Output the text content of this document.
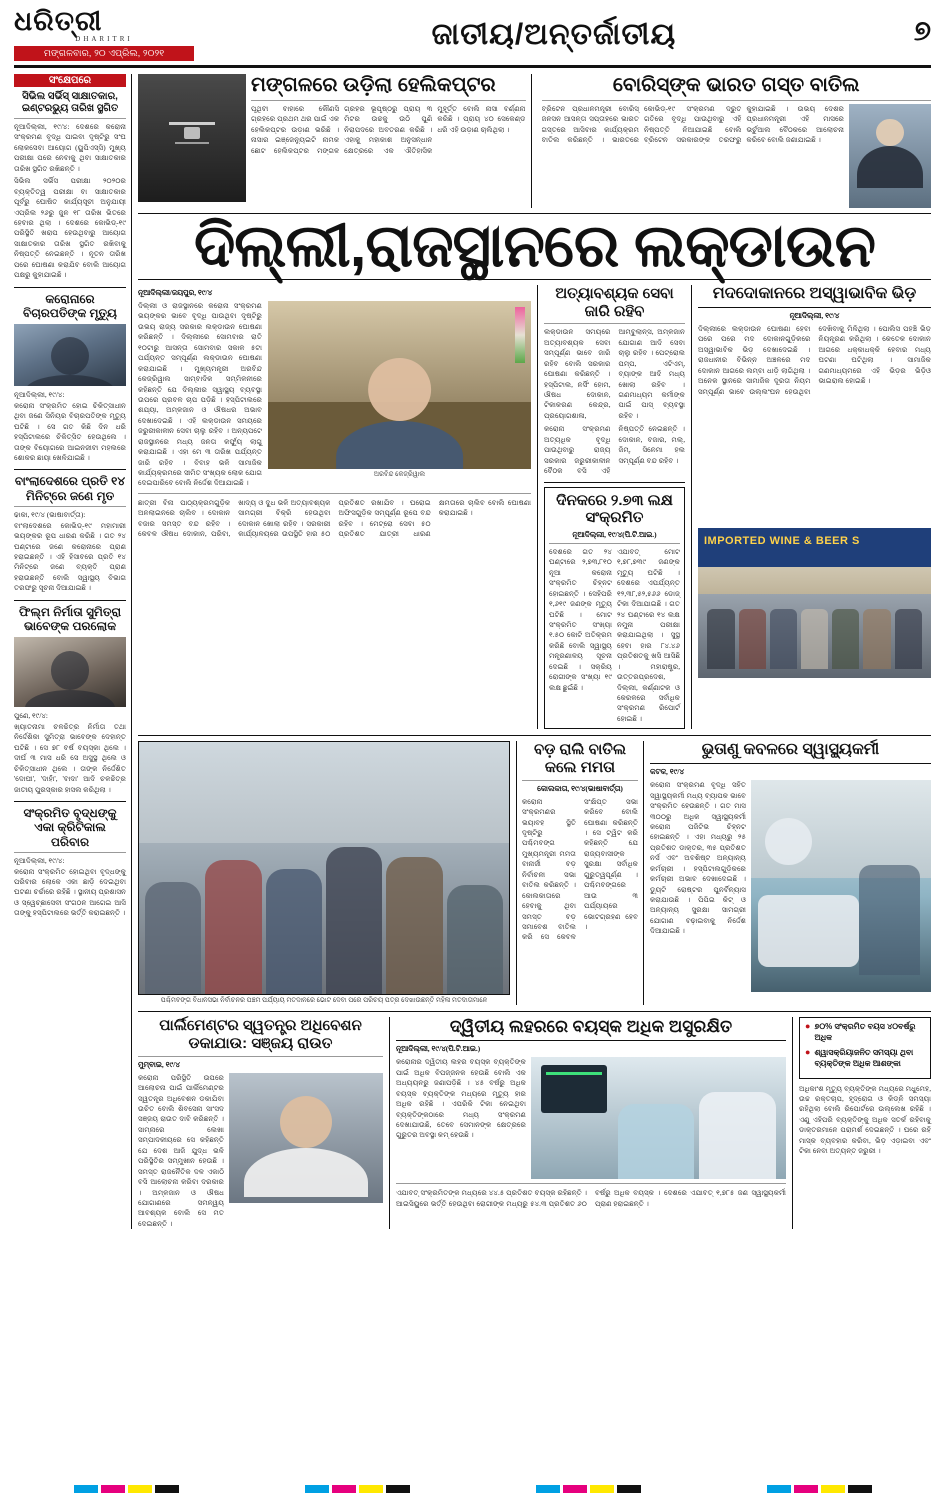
ଧରିତ୍ରୀ
DHARITRI
ମଙ୍ଗଳବାର, ୨୦ ଏପ୍ରିଲ, ୨୦୨୧
ଜାତୀୟ/ଅନ୍ତର୍ଜାତୀୟ	୭
ସଂକ୍ଷେପରେ
ସିଭିଲ ସର୍ଭିସ୍‌ ସାକ୍ଷାତକାର, ଇଣ୍ଟରଭ୍ୟୁ ତାରିଖ ସ୍ଥଗିତ
ନୂଆଦିଲ୍ଲୀ, ୧୯/୪: ଦେଶରେ କରୋନା ସଂକ୍ରମଣ ବୃଦ୍ଧି ପାଇବା ଦୃଷ୍ଟିରୁ ସଂଘ ଲୋକସେବା ଆୟୋଗ (ୟୁପିଏସ୍‌ସି) ମୁଖ୍ୟ ପରୀକ୍ଷା ପରେ ନେବାକୁ ଥିବା ସାକ୍ଷାତକାର ତାରିଖ ସ୍ଥଗିତ ରଖିଛନ୍ତି ।
ସିଭିଲ ସର୍ଭିସ ପରୀକ୍ଷା ୨୦୨୦ର ବ୍ୟକ୍ତିତ୍ୱ ପରୀକ୍ଷା ବା ସାକ୍ଷାତକାର ପୂର୍ବରୁ ଘୋଷିତ କାର୍ଯ୍ୟସୂଚୀ ଅନୁଯାୟୀ ଏପ୍ରିଲ ୨୬ରୁ ଜୁନ ୧୮ ତାରିଖ ଭିତରେ ହେବାର ଥିଲା । ଦେଶରେ କୋଭିଡ୍‌-୧୯ ପରିସ୍ଥିତି ଖରାପ ହେଉଥିବାରୁ ଆୟୋଗ ସାକ୍ଷାତକାର ତାରିଖ ସ୍ଥଗିତ ରଖିବାକୁ ନିଷ୍ପତ୍ତି ନେଇଛନ୍ତି । ନୂତନ ତାରିଖ ପରେ ଘୋଷଣା କରାଯିବ ବୋଲି ଆୟୋଗ ପକ୍ଷରୁ କୁହାଯାଇଛି ।
କରୋନାରେ ବିଚାରପତିଙ୍କ ମୃତ୍ୟୁ
ନୂଆଦିଲ୍ଲୀ, ୧୯/୪:
କରୋନା ସଂକ୍ରମିତ ହୋଇ ଚିକିତ୍ସାଧୀନ ଥିବା ଜଣେ ସିନିୟର ବିଚାରପତିଙ୍କ ମୃତ୍ୟୁ ଘଟିଛି । ସେ ଗତ କିଛି ଦିନ ଧରି ହସ୍ପିଟାଲରେ ଚିକିତ୍ସିତ ହେଉଥିଲେ । ତାଙ୍କ ବିୟୋଗରେ ଆଇନଜୀବୀ ମହଲରେ ଶୋକର ଛାୟା ଖେଳିଯାଇଛି ।
ବାଂଲାଦେଶରେ ପ୍ରତି ୧୪ ମିନିଟ୍‌ରେ ଜଣେ ମୃତ
ଢାକା, ୧୯/୪ (ଭାଷାବାର୍ତ୍ତା):
ବାଂଲାଦେଶରେ କୋଭିଡ୍‌-୧୯ ମହାମାରୀ ଭୟଙ୍କର ରୂପ ଧାରଣ କରିଛି । ଗତ ୨୪ ଘଣ୍ଟାରେ ଜଣେ କରୋନାରେ ପ୍ରାଣ ହରାଇଛନ୍ତି । ଏହି ହିସାବରେ ପ୍ରତି ୧୪ ମିନିଟ୍‌ରେ ଜଣେ ବ୍ୟକ୍ତି ପ୍ରାଣ ହରାଉଛନ୍ତି ବୋଲି ସ୍ୱାସ୍ଥ୍ୟ ବିଭାଗ ତରଫରୁ ସୂଚନା ଦିଆଯାଇଛି ।
ଫିଲ୍ମ ନିର୍ମାତା ସୁମିତ୍ରା ଭାବେଙ୍କ ପରଲୋକ
ପୁଣେ, ୧୯/୪:
ଖ୍ୟାତନାମା ଚଳଚ୍ଚିତ୍ର ନିର୍ମାତା ତଥା ନିର୍ଦ୍ଦେଶିକା ସୁମିତ୍ରା ଭାବେଙ୍କ ଦେହାନ୍ତ ଘଟିଛି । ସେ ୭୮ ବର୍ଷ ବୟସ୍କା ଥିଲେ । ଦୀର୍ଘ ୩ ମାସ ଧରି ସେ ଅସୁସ୍ଥ ଥିଲେ ଓ ଚିକିତ୍ସାଧୀନ ଥିଲେ । ତାଙ୍କ ନିର୍ଦ୍ଦେଶିତ 'ଦୋଘୀ', 'ଦାହାଁ', 'ବାଦା' ଆଦି ଚଳଚ୍ଚିତ୍ର ଜାତୀୟ ପୁରସ୍କାର ହାସଲ କରିଥିଲା ।
ସଂକ୍ରମିତ ବୃଦ୍ଧଙ୍କୁ ଏକା କ୍ରିଟିକାଲ ପରିବାର
ନୂଆଦିଲ୍ଲୀ, ୧୯/୪:
କରୋନା ସଂକ୍ରମିତ ହୋଇଥିବା ବୃଦ୍ଧଙ୍କୁ ପରିବାର ଲୋକେ ଏକା ଛାଡ଼ି ଦେଇଥିବା ଘଟଣା ଚର୍ଚ୍ଚାରେ ରହିଛି । ସ୍ଥାନୀୟ ପ୍ରଶାସନ ଓ ସ୍ୱେଚ୍ଛାସେବୀ ସଂଗଠନ ଆଗେଇ ଆସି ତାଙ୍କୁ ହସ୍ପିଟାଲରେ ଭର୍ତ୍ତି କରାଇଛନ୍ତି ।
ମଙ୍ଗଳରେ ଉଡ଼ିଲା ହେଲିକପ୍ଟର
ପୃଥିବୀ ବାହାରେ କୌଣସି ଗ୍ରହରେ ପ୍ରଥମ ଥର ପାଇଁ ଏକ ହେଲିକପ୍ଟର ଉଡ଼ାଣ ଭରିଛି । ନାସାର ଇଞ୍ଜେନ୍ୟୁଇଟି ନାମକ ଛୋଟ ହେଲିକପ୍ଟର ମଙ୍ଗଳ ଗ୍ରହର ଭୂପୃଷ୍ଠରୁ ପ୍ରାୟ ୩ ମିଟର ଉଚ୍ଚକୁ ଉଠି ପୁଣି ନିରାପଦରେ ଅବତରଣ କରିଛି । ଏହାକୁ ମହାକାଶ ଅନୁସନ୍ଧାନ କ୍ଷେତ୍ରରେ ଏକ ଐତିହାସିକ ମୁହୂର୍ତ୍ତ ବୋଲି ନାସା ବର୍ଣ୍ଣନା କରିଛି । ପ୍ରାୟ ୪୦ ସେକେଣ୍ଡ ଧରି ଏହି ଉଡ଼ାଣ ଚାଲିଥିଲା ।
ବୋରିସ୍‌ଙ୍କ ଭାରତ ଗସ୍ତ ବାତିଲ
ବ୍ରିଟେନ ପ୍ରଧାନମନ୍ତ୍ରୀ ବୋରିସ୍‌ ଜନସନ ଆସନ୍ତା ସପ୍ତାହରେ ଭାରତ ଗସ୍ତରେ ଆସିବାର କାର୍ଯ୍ୟକ୍ରମ ବାତିଲ କରିଛନ୍ତି । ଭାରତରେ କୋଭିଡ୍‌-୧୯ ସଂକ୍ରମଣ ଦ୍ରୁତ ଗତିରେ ବୃଦ୍ଧି ପାଉଥିବାରୁ ଏହି ନିଷ୍ପତ୍ତି ନିଆଯାଇଛି ବୋଲି ବ୍ରିଟେନ ସରକାରଙ୍କ ତରଫରୁ କୁହାଯାଇଛି । ଉଭୟ ଦେଶର ପ୍ରଧାନମନ୍ତ୍ରୀ ଏହି ମାସରେ ଭର୍ଚୁଆଲ ବୈଠକରେ ଆଲୋଚନା କରିବେ ବୋଲି ଜଣାଯାଇଛି ।
ଦିଲ୍ଲୀ,ରାଜସ୍ଥାନରେ ଲକ୍‌ଡାଉନ
ନୂଆଦିଲ୍ଲୀ/ଜୟପୁର, ୧୯/୪
ଦିଲ୍ଲୀ ଓ ରାଜସ୍ଥାନରେ କରୋନା ସଂକ୍ରମଣ ଭୟଙ୍କର ଭାବେ ବୃଦ୍ଧି ପାଉଥିବା ଦୃଷ୍ଟିରୁ ଉଭୟ ରାଜ୍ୟ ସରକାର ଲକ୍‌ଡାଉନ ଘୋଷଣା କରିଛନ୍ତି । ଦିଲ୍ଲୀରେ ସୋମବାର ରାତି ୧୦ଟାରୁ ଆସନ୍ତା ସୋମବାର ସକାଳ ୫ଟା ପର୍ଯ୍ୟନ୍ତ ସମ୍ପୂର୍ଣ୍ଣ ଲକ୍‌ଡାଉନ ଘୋଷଣା କରାଯାଇଛି । ମୁଖ୍ୟମନ୍ତ୍ରୀ ଅରବିନ୍ଦ କେଜ୍ରିୱାଲ ସାମ୍ବାଦିକ ସମ୍ମିଳନୀରେ କହିଛନ୍ତି ଯେ ଦିଲ୍ଲୀର ସ୍ୱାସ୍ଥ୍ୟ ବ୍ୟବସ୍ଥା ଉପରେ ପ୍ରବଳ ଚାପ ପଡ଼ିଛି । ହସ୍ପିଟାଲରେ ଶଯ୍ୟା, ଅମ୍ଳଜାନ ଓ ଔଷଧର ଅଭାବ ଦେଖାଦେଇଛି । ଏହି ଲକ୍‌ଡାଉନ ସମୟରେ ଜରୁରୀକାଳୀନ ସେବା ଚାଲୁ ରହିବ । ଅନ୍ୟପଟେ ରାଜସ୍ଥାନରେ ମଧ୍ୟ ଜନତା କର୍ଫ୍ୟୁ ଲାଗୁ କରାଯାଇଛି । ଏହା ମେ ୩ ତାରିଖ ପର୍ଯ୍ୟନ୍ତ ଜାରି ରହିବ । ବିବାହ ଭଳି ସାମାଜିକ କାର୍ଯ୍ୟକ୍ରମରେ ସୀମିତ ସଂଖ୍ୟକ ଲୋକ ଯୋଗ ଦେଇପାରିବେ ବୋଲି ନିର୍ଦ୍ଦେଶ ଦିଆଯାଇଛି ।
ଅରବିନ୍ଦ କେଜ୍ରିୱାଲ
ଛାତ୍ରୀ ବିନା ପାଠ୍ୟକ୍ରମଗୁଡ଼ିକ ଅନଲାଇନରେ ଚାଲିବ । ଦୋକାନ ବଜାର ସମସ୍ତ ବନ୍ଦ ରହିବ । କେବଳ ଔଷଧ ଦୋକାନ, ପରିବା, ଖାଦ୍ୟ ଓ ଦୁଧ ଭଳି ଅତ୍ୟାବଶ୍ୟକ ସାମଗ୍ରୀ ବିକ୍ରି ହେଉଥିବା ଦୋକାନ ଖୋଲା ରହିବ । ସରକାରୀ କାର୍ଯ୍ୟାଳୟରେ ଉପସ୍ଥିତି ହାର ୫୦ ପ୍ରତିଶତ ରଖାଯିବ । ଘରୋଇ ଅଫିସଗୁଡ଼ିକ ସମ୍ପୂର୍ଣ୍ଣ ରୂପେ ବନ୍ଦ ରହିବ । ମେଟ୍ରୋ ସେବା ୫୦ ପ୍ରତିଶତ ଯାତ୍ରୀ ଧାରଣ କ୍ଷମତାରେ ଚାଲିବ ବୋଲି ଘୋଷଣା କରାଯାଇଛି ।
ଅତ୍ୟାବଶ୍ୟକ ସେବା ଜାରି ରହିବ
ଲକ୍‌ଡାଉନ ସମୟରେ ଅତ୍ୟାବଶ୍ୟକ ସେବା ସମ୍ପୂର୍ଣ୍ଣ ଭାବେ ଜାରି ରହିବ ବୋଲି ସରକାର ଘୋଷଣା କରିଛନ୍ତି । ହସ୍ପିଟାଲ, ନର୍ସିଂ ହୋମ, ଔଷଧ ଦୋକାନ, ଟିକାକରଣ କେନ୍ଦ୍ର, ପ୍ରୟୋଗଶାଳା, ଆମ୍ବୁଲାନ୍ସ, ଅମ୍ଳଜାନ ଯୋଗାଣ ଆଦି ସେବା ଚାଲୁ ରହିବ । ପେଟ୍ରୋଲ ପମ୍ପ, ଏଟିଏମ୍‌, ବ୍ୟାଙ୍କ ଆଦି ମଧ୍ୟ ଖୋଲା ରହିବ । ଗଣମାଧ୍ୟମ କର୍ମୀଙ୍କ ପାଇଁ ପାସ୍‌ ବ୍ୟବସ୍ଥା ରହିବ ।
କରୋନା ସଂକ୍ରମଣ ଅତ୍ୟଧିକ ବୃଦ୍ଧି ପାଉଥିବାରୁ ରାଜ୍ୟ ସରକାର ଜରୁରୀକାଳୀନ ବୈଠକ ବସି ଏହି ନିଷ୍ପତ୍ତି ନେଇଛନ୍ତି । ଦୋକାନ, ବଜାର, ମଲ୍‌, ଜିମ୍‌, ସିନେମା ହଲ ସମ୍ପୂର୍ଣ୍ଣ ବନ୍ଦ ରହିବ ।
ଦିନକରେ ୨.୭୩ ଲକ୍ଷ ସଂକ୍ରମିତ
ନୂଆଦିଲ୍ଲୀ, ୧୯/୪(ପି.ଟି.ଆଇ.)
ଦେଶରେ ଗତ ୨୪ ଘଣ୍ଟାରେ ୨,୭୩,୮୧୦ ନୂଆ କରୋନା ସଂକ୍ରମିତ ଚିହ୍ନଟ ହୋଇଛନ୍ତି । ସେହିପରି ୧,୬୧୯ ଜଣଙ୍କ ମୃତ୍ୟୁ ଘଟିଛି । ମୋଟ ସଂକ୍ରମିତ ସଂଖ୍ୟା ୧.୫୦ କୋଟି ଅତିକ୍ରମ କରିଛି ବୋଲି ସ୍ୱାସ୍ଥ୍ୟ ମନ୍ତ୍ରଣାଳୟ ସୂଚନା ଦେଇଛି । ସକ୍ରିୟ ରୋଗୀଙ୍କ ସଂଖ୍ୟା ୧୯ ଲକ୍ଷ ଛୁଇଁଛି ।
ଏଯାବତ୍‌ ମୋଟ ୧,୭୮,୭୩୯ ଜଣଙ୍କ ମୃତ୍ୟୁ ଘଟିଛି । ଦେଶରେ ଏପର୍ଯ୍ୟନ୍ତ ୧୨,୩୮,୫୨,୫୬୬ ଡୋଜ୍‌ ଟିକା ଦିଆଯାଇଛି । ଗତ ୨୪ ଘଣ୍ଟାରେ ୧୪ ଲକ୍ଷ ନମୁନା ପରୀକ୍ଷା କରାଯାଇଥିଲା । ସୁସ୍ଥ ହେବା ହାର ୮୪.୪୬ ପ୍ରତିଶତକୁ ଖସି ଆସିଛି । ମହାରାଷ୍ଟ୍ର, ଉତ୍ତରପ୍ରଦେଶ, ଦିଲ୍ଲୀ, କର୍ଣ୍ଣାଟକ ଓ କେରଳରେ ସର୍ବାଧିକ ସଂକ୍ରମଣ ରିପୋର୍ଟ ହୋଇଛି ।
ମଦଦୋକାନରେ ଅସ୍ୱାଭାବିକ ଭିଡ଼
ନୂଆଦିଲ୍ଲୀ, ୧୯/୪
ଦିଲ୍ଲୀରେ ଲକ୍‌ଡାଉନ ଘୋଷଣା ହେବା ପରେ ପରେ ମଦ ଦୋକାନଗୁଡ଼ିକରେ ଅସ୍ୱାଭାବିକ ଭିଡ଼ ଦେଖାଦେଇଛି । ରାଜଧାନୀର ବିଭିନ୍ନ ଅଞ୍ଚଳରେ ମଦ ଦୋକାନ ଆଗରେ ଲମ୍ବା ଧାଡ଼ି ଲାଗିଥିଲା । ଅନେକ ସ୍ଥାନରେ ସାମାଜିକ ଦୂରତା ନିୟମ ସମ୍ପୂର୍ଣ୍ଣ ଭାବେ ଉଲ୍ଲଂଘନ ହେଉଥିବା ଦେଖିବାକୁ ମିଳିଥିଲା । ପୋଲିସ ପହଞ୍ଚି ଭିଡ଼ ନିୟନ୍ତ୍ରଣ କରିଥିଲା । କେତେକ ଦୋକାନ ଆଗରେ ଧକ୍କାଧକ୍କି ହେବାର ମଧ୍ୟ ଘଟଣା ଘଟିଥିଲା । ସାମାଜିକ ଗଣମାଧ୍ୟମରେ ଏହି ଭିଡ଼ର ଭିଡ଼ିଓ ଭାଇରାଲ ହୋଇଛି ।
IMPORTED WINE & BEER S
ପଶ୍ଚିମବଙ୍ଗ ବିଧାନସଭା ନିର୍ବାଚନର ପଞ୍ଚମ ପର୍ଯ୍ୟାୟ ମତଦାନରେ ଭୋଟ ଦେବା ପରେ ପରିଚୟ ପତ୍ର ଦେଖାଉଛନ୍ତି ମହିଳା ମତଦାତାମାନେ
ବଡ଼ ରାଲି ବାତିଲ କଲେ ମମତା
କୋଲକାତା, ୧୯/୪(ଭାଷାବାର୍ତ୍ତା)
କରୋନା ସଂକ୍ରମଣର ଭୟାବହ ସ୍ଥିତି ଦୃଷ୍ଟିରୁ ପଶ୍ଚିମବଙ୍ଗ ମୁଖ୍ୟମନ୍ତ୍ରୀ ମମତା ବାନାର୍ଜୀ ବଡ଼ ନିର୍ବାଚନୀ ସଭା ବାତିଲ କରିଛନ୍ତି । କୋଲକାତାରେ ହେବାକୁ ଥିବା ସମସ୍ତ ବଡ଼ ସମାବେଶ ବାତିଲ କରି ସେ କେବଳ ସଂକ୍ଷିପ୍ତ ସଭା କରିବେ ବୋଲି ଘୋଷଣା କରିଛନ୍ତି । ସେ ଟ୍ୱିଟ କରି କହିଛନ୍ତି ଯେ ରାଜ୍ୟବାସୀଙ୍କ ସୁରକ୍ଷା ସର୍ବାଧିକ ଗୁରୁତ୍ୱପୂର୍ଣ୍ଣ । ପଶ୍ଚିମବଙ୍ଗରେ ଆଉ ୩ ପର୍ଯ୍ୟାୟରେ ଭୋଟଗ୍ରହଣ ହେବ ।
ଭୁତାଣୁ କବଳରେ ସ୍ୱାସ୍ଥ୍ୟକର୍ମୀ
କଟକ, ୧୯/୪
କରୋନା ସଂକ୍ରମଣ ବୃଦ୍ଧି ସହିତ ସ୍ୱାସ୍ଥ୍ୟକର୍ମୀ ମଧ୍ୟ ବ୍ୟାପକ ଭାବେ ସଂକ୍ରମିତ ହେଉଛନ୍ତି । ଗତ ମାସ ୩୦୦ରୁ ଅଧିକ ସ୍ୱାସ୍ଥ୍ୟକର୍ମୀ କରୋନା ପଜିଟିଭ ଚିହ୍ନଟ ହୋଇଛନ୍ତି । ଏହା ମଧ୍ୟରୁ ୨୫ ପ୍ରତିଶତ ଡାକ୍ତର, ୩୫ ପ୍ରତିଶତ ନର୍ସ ଏବଂ ଅବଶିଷ୍ଟ ଅନ୍ୟାନ୍ୟ କର୍ମଚାରୀ । ହସ୍ପିଟାଲଗୁଡ଼ିକରେ କର୍ମଚାରୀ ଅଭାବ ଦେଖାଦେଇଛି । ଡ୍ୟୁଟି ରୋଷ୍ଟର ପୁନର୍ବିନ୍ୟାସ କରାଯାଉଛି । ପିପିଇ କିଟ୍‌ ଓ ଅନ୍ୟାନ୍ୟ ସୁରକ୍ଷା ସାମଗ୍ରୀ ଯୋଗାଣ ବଢ଼ାଇବାକୁ ନିର୍ଦ୍ଦେଶ ଦିଆଯାଇଛି ।
ପାର୍ଲିମେଣ୍ଟର ସ୍ୱତନ୍ତ୍ର ଅଧିବେଶନ ଡକାଯାଉ: ସଞ୍ଜୟ ରାଉତ
ମୁମ୍ବାଇ, ୧୯/୪
କରୋନା ପରିସ୍ଥିତି ଉପରେ ଆଲୋଚନା ପାଇଁ ପାର୍ଲିମେଣ୍ଟର ସ୍ୱତନ୍ତ୍ର ଅଧିବେଶନ ଡକାଯିବା ଉଚିତ ବୋଲି ଶିବସେନା ସାଂସଦ ସଞ୍ଜୟ ରାଉତ ଦାବି କରିଛନ୍ତି । ସାମ୍ନାରେ ଲେଖା ସମ୍ପାଦକୀୟରେ ସେ କହିଛନ୍ତି ଯେ ଦେଶ ଆଜି ଯୁଦ୍ଧ ଭଳି ପରିସ୍ଥିତିର ସମ୍ମୁଖୀନ ହେଉଛି । ସମସ୍ତ ରାଜନୈତିକ ଦଳ ଏକାଠି ବସି ଆଲୋଚନା କରିବା ଦରକାର । ଅମ୍ଳଜାନ ଓ ଔଷଧ ଯୋଗାଣରେ ସମନ୍ୱୟ ଆବଶ୍ୟକ ବୋଲି ସେ ମତ ଦେଇଛନ୍ତି ।
ଦ୍ୱିତୀୟ ଲହରରେ ବୟସ୍କ ଅଧିକ ଅସୁରକ୍ଷିତ
ନୂଆଦିଲ୍ଲୀ, ୧୯/୪(ପି.ଟି.ଆଇ.)
କରୋନାର ଦ୍ୱିତୀୟ ଲହର ବୟସ୍କ ବ୍ୟକ୍ତିଙ୍କ ପାଇଁ ଅଧିକ ବିପଜ୍ଜନକ ହେଉଛି ବୋଲି ଏକ ଅଧ୍ୟୟନରୁ ଜଣାପଡ଼ିଛି । ୪୫ ବର୍ଷରୁ ଅଧିକ ବୟସ୍କ ବ୍ୟକ୍ତିଙ୍କ ମଧ୍ୟରେ ମୃତ୍ୟୁ ହାର ଅଧିକ ରହିଛି । ଏପରିକି ଟିକା ନେଇଥିବା ବ୍ୟକ୍ତିଙ୍କଠାରେ ମଧ୍ୟ ସଂକ୍ରମଣ ଦେଖାଯାଉଛି, ତେବେ ସେମାନଙ୍କ କ୍ଷେତ୍ରରେ ଗୁରୁତର ଅବସ୍ଥା କମ୍‌ ହେଉଛି ।
ଏଯାବତ୍‌ ସଂକ୍ରମିତଙ୍କ ମଧ୍ୟରେ ୪୪.୫ ପ୍ରତିଶତ ବୟସ୍କ ରହିଛନ୍ତି । ଆଇସିୟୁରେ ଭର୍ତ୍ତି ହେଉଥିବା ରୋଗୀଙ୍କ ମଧ୍ୟରୁ ୫୪.୩ ପ୍ରତିଶତ ୬୦ ବର୍ଷରୁ ଅଧିକ ବୟସ୍କ । ଦେଶରେ ଏଯାବତ୍‌ ୧,୭୮୫ ଜଣ ସ୍ୱାସ୍ଥ୍ୟକର୍ମୀ ପ୍ରାଣ ହରାଇଛନ୍ତି ।
● ୭୦% ସଂକ୍ରମିତ ବୟସ ୪୦ବର୍ଷରୁ ଅଧିକ
● ଶ୍ୱାସକ୍ରିୟାଜନିତ ସମସ୍ୟା ଥିବା ବ୍ୟକ୍ତିଙ୍କ ଅଧିକ ଆଶଙ୍କା
ଅଧିକାଂଶ ମୃତ୍ୟୁ ବ୍ୟକ୍ତିଙ୍କ ମଧ୍ୟରେ ମଧୁମେହ, ଉଚ୍ଚ ରକ୍ତଚାପ, ହୃଦ୍‌ରୋଗ ଓ କିଡ୍‌ନି ସମସ୍ୟା ରହିଥିଲା ବୋଲି ରିପୋର୍ଟରେ ଉଲ୍ଲେଖ ରହିଛି । ଏଣୁ ଏହିପରି ବ୍ୟକ୍ତିଙ୍କୁ ଅଧିକ ସତର୍କ ରହିବାକୁ ଡାକ୍ତରମାନେ ପରାମର୍ଶ ଦେଇଛନ୍ତି । ଘରେ ରହି ମାସ୍କ ବ୍ୟବହାର କରିବା, ଭିଡ଼ ଏଡ଼ାଇବା ଏବଂ ଟିକା ନେବା ଅତ୍ୟନ୍ତ ଜରୁରୀ ।
